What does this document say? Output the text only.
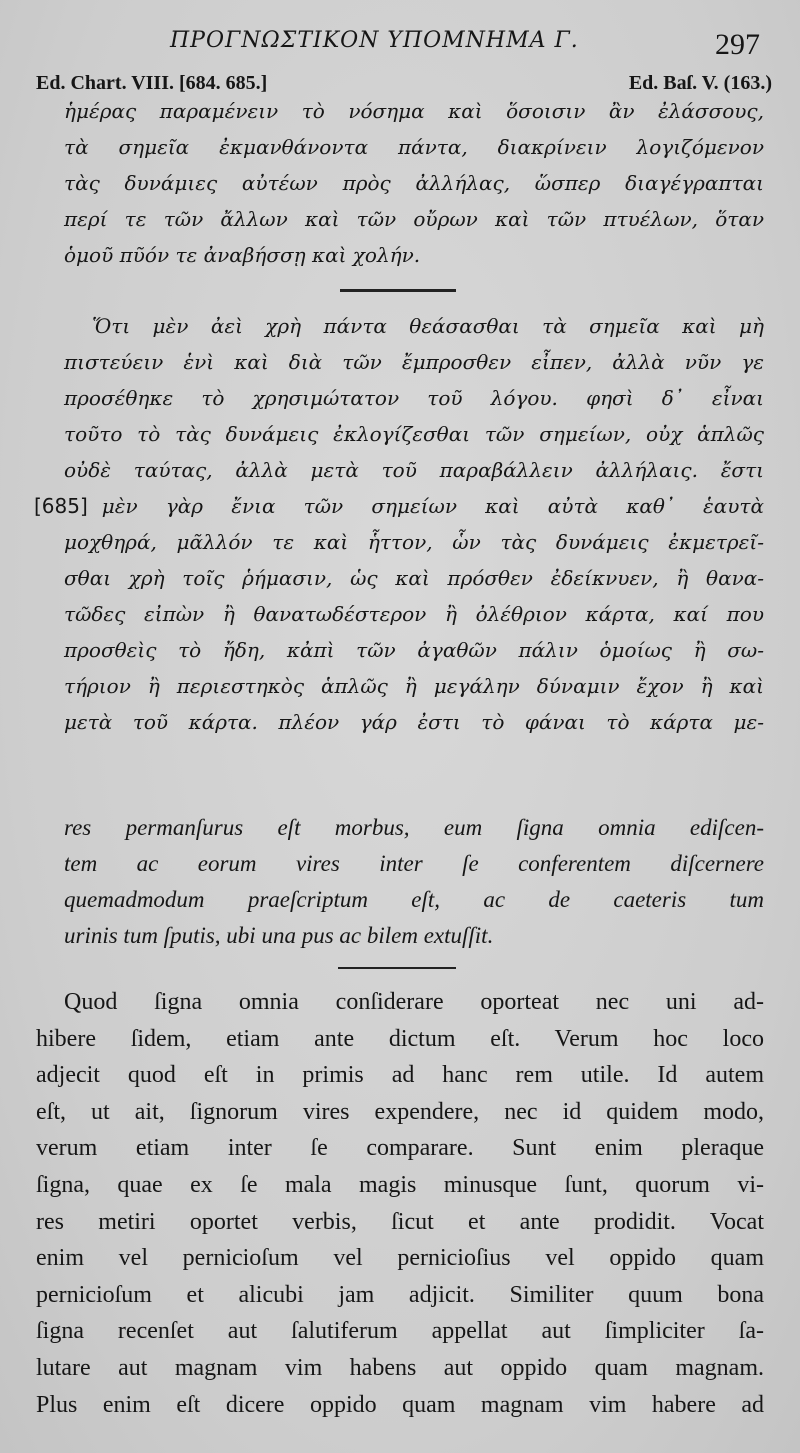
ΠΡΟΓΝΩΣΤΙΚΟΝ ΥΠΟΜΝΗΜΑ Γ.	297
Ed. Chart. VIII. [684. 685.]	Ed. Baſ. V. (163.)
ἡμέρας παραμένειν τὸ νόσημα καὶ ὅσοισιν ἂν ἐλάσσους,
τὰ σημεῖα ἐκμανθάνοντα πάντα, διακρίνειν λογιζόμενον
τὰς δυνάμιες αὐτέων πρὸς ἀλλήλας, ὥσπερ διαγέγραπται
περί τε τῶν ἄλλων καὶ τῶν οὔρων καὶ τῶν πτυέλων, ὅταν
ὁμοῦ πῦόν τε ἀναβήσσῃ καὶ χολήν.
Ὅτι μὲν ἀεὶ χρὴ πάντα θεάσασθαι τὰ σημεῖα καὶ μὴ
πιστεύειν ἑνὶ καὶ διὰ τῶν ἔμπροσθεν εἶπεν, ἀλλὰ νῦν γε
προσέθηκε τὸ χρησιμώτατον τοῦ λόγου. φησὶ δ᾽ εἶναι
τοῦτο τὸ τὰς δυνάμεις ἐκλογίζεσθαι τῶν σημείων, οὐχ ἁπλῶς
οὐδὲ ταύτας, ἀλλὰ μετὰ τοῦ παραβάλλειν ἀλλήλαις. ἔστι
[685] μὲν γὰρ ἔνια τῶν σημείων καὶ αὐτὰ καθ᾽ ἑαυτὰ
μοχθηρά, μᾶλλόν τε καὶ ἧττον, ὧν τὰς δυνάμεις ἐκμετρεῖ-
σθαι χρὴ τοῖς ῥήμασιν, ὡς καὶ πρόσθεν ἐδείκνυεν, ἢ θανα-
τῶδες εἰπὼν ἢ θανατωδέστερον ἢ ὀλέθριον κάρτα, καί που
προσθεὶς τὸ ἤδη, κἀπὶ τῶν ἀγαθῶν πάλιν ὁμοίως ἢ σω-
τήριον ἢ περιεστηκὸς ἁπλῶς ἢ μεγάλην δύναμιν ἔχον ἢ καὶ
μετὰ τοῦ κάρτα. πλέον γάρ ἐστι τὸ φάναι τὸ κάρτα με-
res permanſurus eſt morbus, eum ſigna omnia ediſcen-
tem ac eorum vires inter ſe conferentem diſcernere
quemadmodum praeſcriptum eſt, ac de caeteris tum
urinis tum ſputis, ubi una pus ac bilem extuſſit.
Quod ſigna omnia conſiderare oporteat nec uni ad-
hibere ſidem, etiam ante dictum eſt. Verum hoc loco
adjecit quod eſt in primis ad hanc rem utile. Id autem
eſt, ut ait, ſignorum vires expendere, nec id quidem modo,
verum etiam inter ſe comparare. Sunt enim pleraque
ſigna, quae ex ſe mala magis minusque ſunt, quorum vi-
res metiri oportet verbis, ſicut et ante prodidit. Vocat
enim vel pernicioſum vel pernicioſius vel oppido quam
pernicioſum et alicubi jam adjicit. Similiter quum bona
ſigna recenſet aut ſalutiferum appellat aut ſimpliciter ſa-
lutare aut magnam vim habens aut oppido quam magnam.
Plus enim eſt dicere oppido quam magnam vim habere ad
